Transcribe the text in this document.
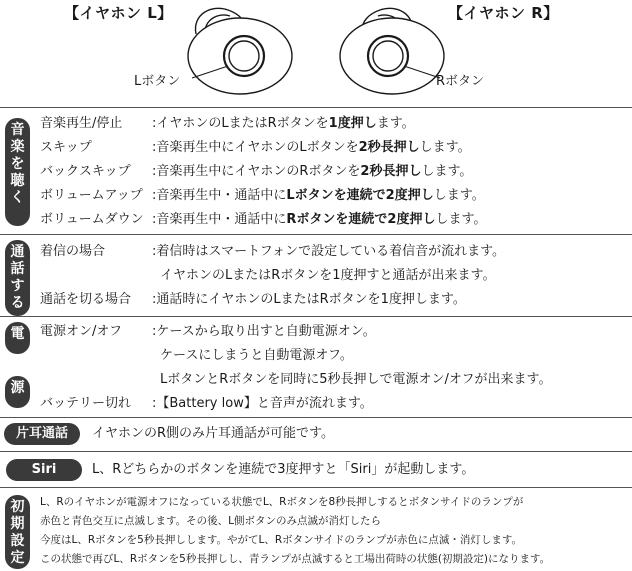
【イヤホン L】	【イヤホン R】
Lボタン	Rボタン
音
楽
を
聴
く
音楽再生/停止 :イヤホンのLまたはRボタンを1度押します。
スキップ	:音楽再生中にイヤホンのLボタンを2秒長押しします。
バックスキップ :音楽再生中にイヤホンのRボタンを2秒長押しします。
ボリュームアップ :音楽再生中・通話中にLボタンを連続で2度押しします。
ボリュームダウン :音楽再生中・通話中にRボタンを連続で2度押しします。
通
話
す
る
着信の場合	:着信時はスマートフォンで設定している着信音が流れます。
イヤホンのLまたはRボタンを1度押すと通話が出来ます。
通話を切る場合 :通話時にイヤホンのLまたはRボタンを1度押します。
電
源
電源オン/オフ :ケースから取り出すと自動電源オン。
ケースにしまうと自動電源オフ。
LボタンとRボタンを同時に5秒長押しで電源オン/オフが出来ます。
バッテリー切れ :【Battery low】と音声が流れます。
片耳通話	イヤホンのR側のみ片耳通話が可能です。
Siri	L、Rどちらかのボタンを連続で3度押すと「Siri」が起動します。
初
期
設
定
L、Rのイヤホンが電源オフになっている状態でL、Rボタンを8秒長押しするとボタンサイドのランプが
赤色と青色交互に点滅します。その後、L側ボタンのみ点滅が消灯したら
今度はL、Rボタンを5秒長押しします。やがてL、Rボタンサイドのランプが赤色に点滅・消灯します。
この状態で再びL、Rボタンを5秒長押しし、青ランプが点滅すると工場出荷時の状態(初期設定)になります。
